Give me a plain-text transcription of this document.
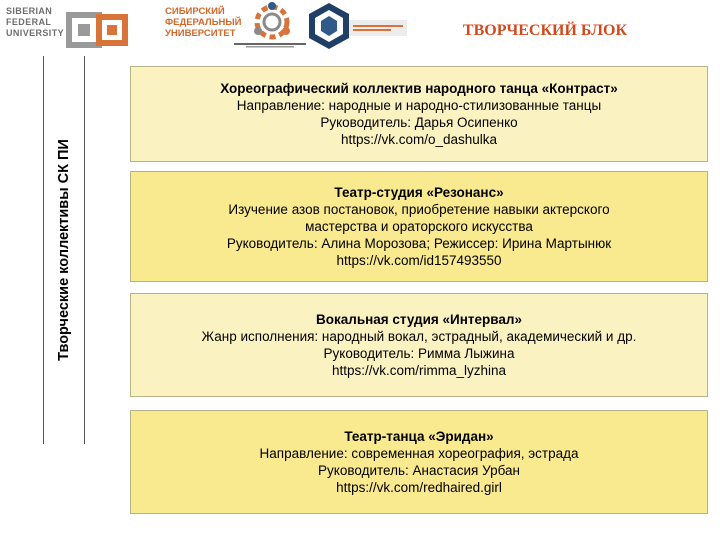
SIBERIAN
FEDERAL
UNIVERSITY
СИБИРСКИЙ
ФЕДЕРАЛЬНЫЙ
УНИВЕРСИТЕТ	ТВОРЧЕСКИЙ БЛОК
Творческие коллективы СК ПИ
Хореографический коллектив народного танца «Контраст»
Направление: народные и народно-стилизованные танцы
Руководитель: Дарья Осипенко
https://vk.com/o_dashulka
Театр-студия «Резонанс»
Изучение азов постановок, приобретение навыки актерского
мастерства и ораторского искусства
Руководитель: Алина Морозова; Режиссер: Ирина Мартынюк
https://vk.com/id157493550
Вокальная студия «Интервал»
Жанр исполнения: народный вокал, эстрадный, академический и др.
Руководитель: Римма Лыжина
https://vk.com/rimma_lyzhina
Театр-танца «Эридан»
Направление: современная хореография, эстрада
Руководитель: Анастасия Урбан
https://vk.com/redhaired.girl
